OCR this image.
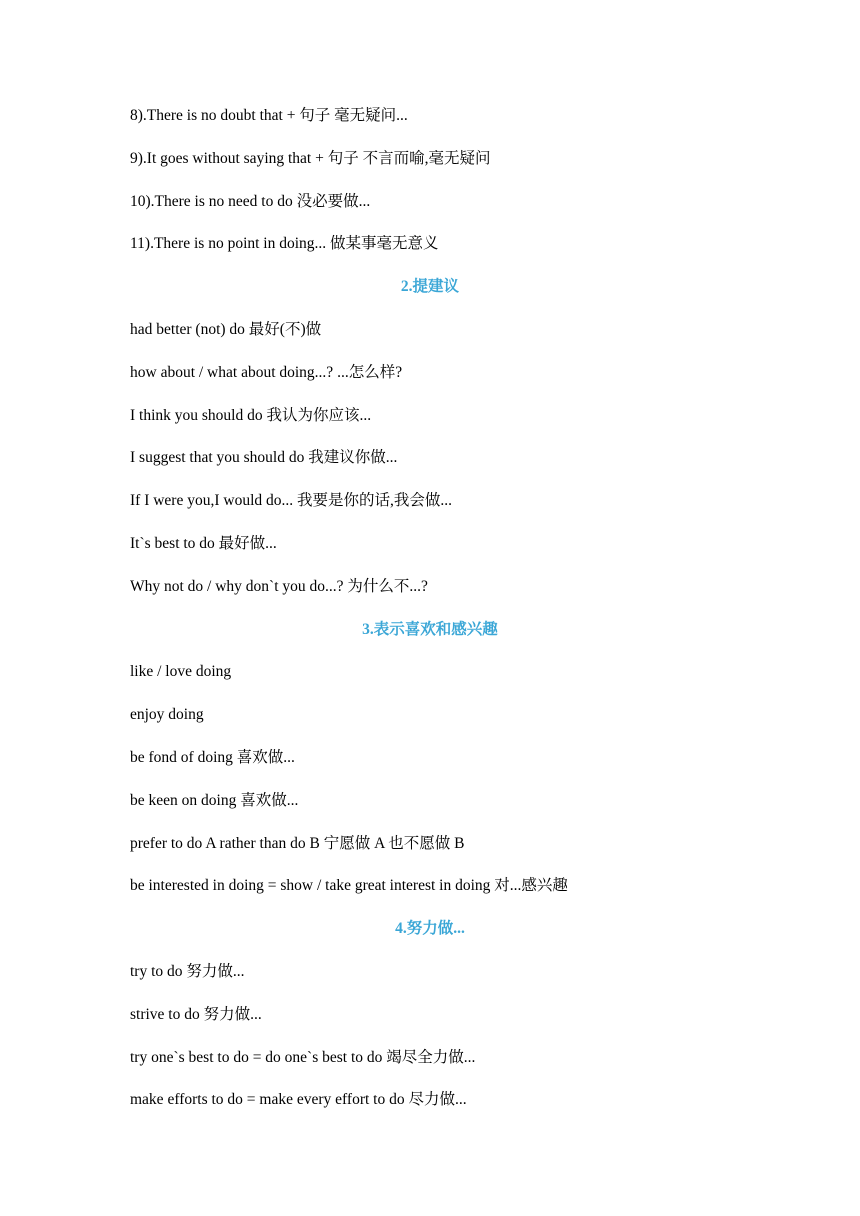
8).There is no doubt that + 句子 毫无疑问...
9).It goes without saying that + 句子 不言而喻,毫无疑问
10).There is no need to do 没必要做...
11).There is no point in doing... 做某事毫无意义
2.提建议
had better (not) do 最好(不)做
how about / what about doing...? ...怎么样?
I think you should do 我认为你应该...
I suggest that you should do 我建议你做...
If I were you,I would do... 我要是你的话,我会做...
It`s best to do 最好做...
Why not do / why don`t you do...? 为什么不...?
3.表示喜欢和感兴趣
like / love doing
enjoy doing
be fond of doing 喜欢做...
be keen on doing 喜欢做...
prefer to do A rather than do B 宁愿做 A 也不愿做 B
be interested in doing = show / take great interest in doing 对...感兴趣
4.努力做...
try to do 努力做...
strive to do 努力做...
try one`s best to do = do one`s best to do 竭尽全力做...
make efforts to do = make every effort to do 尽力做...
